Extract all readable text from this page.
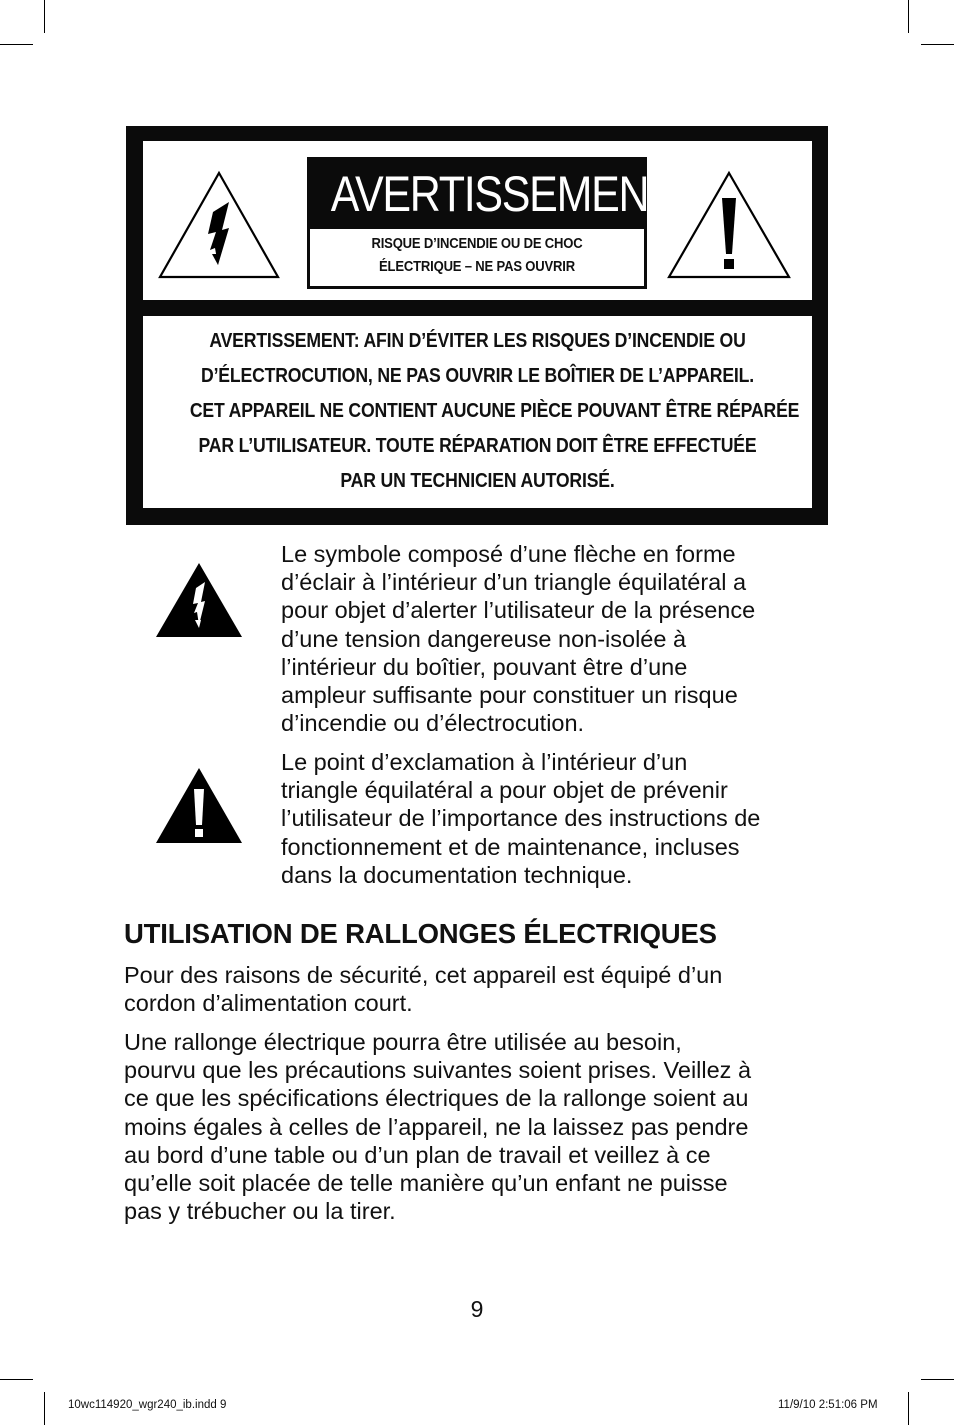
AVERTISSEMENT
RISQUE D’INCENDIE OU DE CHOC
ÉLECTRIQUE – NE PAS OUVRIR
AVERTISSEMENT: AFIN D’ÉVITER LES RISQUES D’INCENDIE OU
D’ÉLECTROCUTION, NE PAS OUVRIR LE BOÎTIER DE L’APPAREIL.
CET APPAREIL NE CONTIENT AUCUNE PIÈCE POUVANT ÊTRE RÉPARÉE
PAR L’UTILISATEUR. TOUTE RÉPARATION DOIT ÊTRE EFFECTUÉE
PAR UN TECHNICIEN AUTORISÉ.
Le symbole composé d’une flèche en forme
d’éclair à l’intérieur d’un triangle équilatéral a
pour objet d’alerter l’utilisateur de la présence
d’une tension dangereuse non-isolée à
l’intérieur du boîtier, pouvant être d’une
ampleur suffisante pour constituer un risque
d’incendie ou d’électrocution.
Le point d’exclamation à l’intérieur d’un
triangle équilatéral a pour objet de prévenir
l’utilisateur de l’importance des instructions de
fonctionnement et de maintenance, incluses
dans la documentation technique.
UTILISATION DE RALLONGES ÉLECTRIQUES
Pour des raisons de sécurité, cet appareil est équipé d’un
cordon d’alimentation court.
Une rallonge électrique pourra être utilisée au besoin,
pourvu que les précautions suivantes soient prises. Veillez à
ce que les spécifications électriques de la rallonge soient au
moins égales à celles de l’appareil, ne la laissez pas pendre
au bord d’une table ou d’un plan de travail et veillez à ce
qu’elle soit placée de telle manière qu’un enfant ne puisse
pas y trébucher ou la tirer.
9
10wc114920_wgr240_ib.indd 9	11/9/10 2:51:06 PM
